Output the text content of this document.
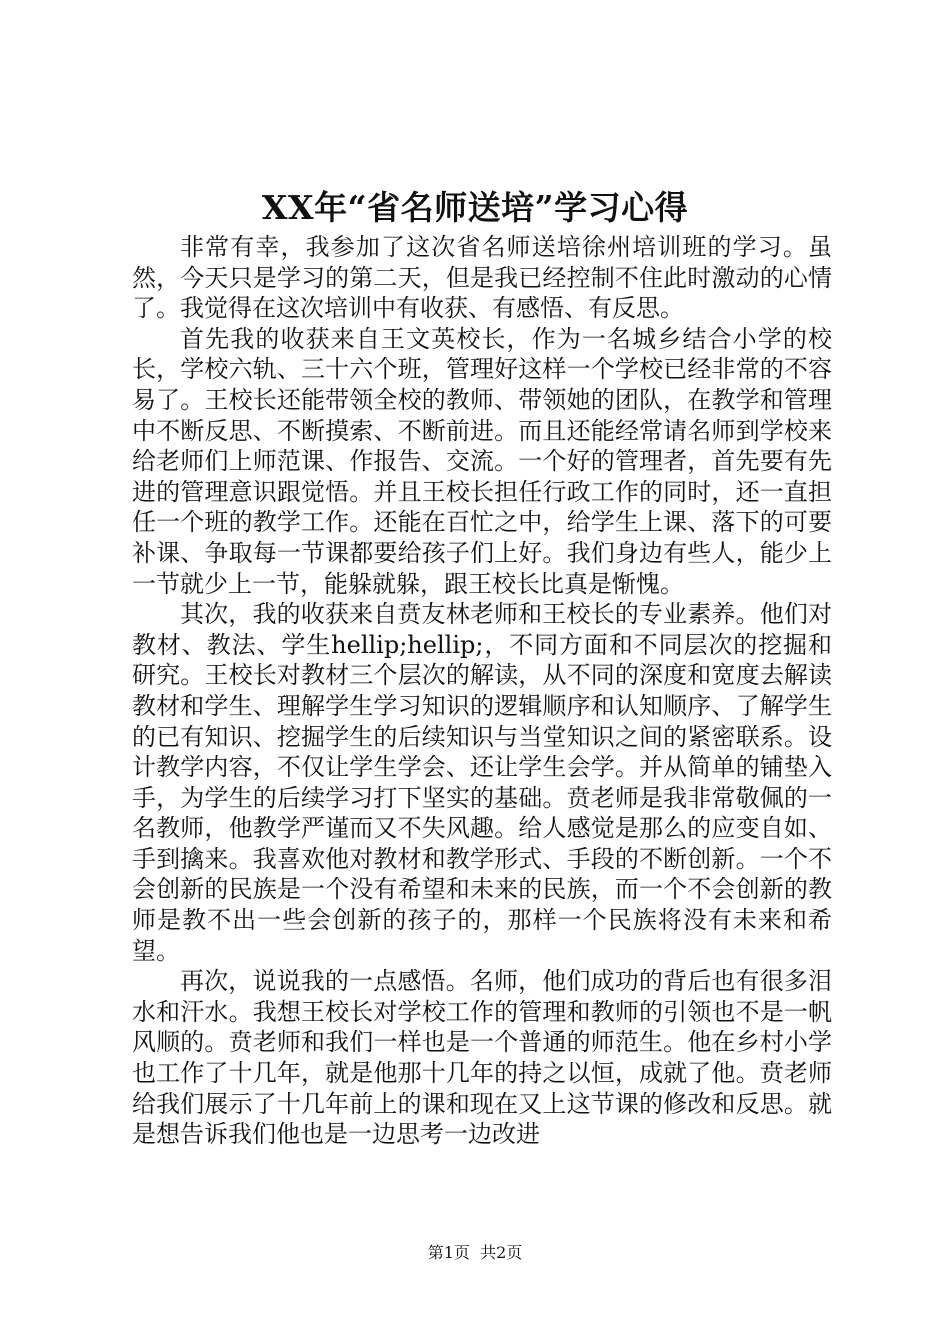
XX年“省名师送培”学习心得

非常有幸，我参加了这次省名师送培徐州培训班的学习。虽然，今天只是学习的第二天，但是我已经控制不住此时激动的心情了。我觉得在这次培训中有收获、有感悟、有反思。

首先我的收获来自王文英校长，作为一名城乡结合小学的校长，学校六轨、三十六个班，管理好这样一个学校已经非常的不容易了。王校长还能带领全校的教师、带领她的团队，在教学和管理中不断反思、不断摸索、不断前进。而且还能经常请名师到学校来给老师们上师范课、作报告、交流。一个好的管理者，首先要有先进的管理意识跟觉悟。并且王校长担任行政工作的同时，还一直担任一个班的教学工作。还能在百忙之中，给学生上课、落下的可要补课、争取每一节课都要给孩子们上好。我们身边有些人，能少上一节就少上一节，能躲就躲，跟王校长比真是惭愧。

其次，我的收获来自贲友林老师和王校长的专业素养。他们对教材、教法、学生hellip;hellip;，不同方面和不同层次的挖掘和研究。王校长对教材三个层次的解读，从不同的深度和宽度去解读教材和学生、理解学生学习知识的逻辑顺序和认知顺序、了解学生的已有知识、挖掘学生的后续知识与当堂知识之间的紧密联系。设计教学内容，不仅让学生学会、还让学生会学。并从简单的铺垫入手，为学生的后续学习打下坚实的基础。贲老师是我非常敬佩的一名教师，他教学严谨而又不失风趣。给人感觉是那么的应变自如、手到擒来。我喜欢他对教材和教学形式、手段的不断创新。一个不会创新的民族是一个没有希望和未来的民族，而一个不会创新的教师是教不出一些会创新的孩子的，那样一个民族将没有未来和希望。

再次，说说我的一点感悟。名师，他们成功的背后也有很多泪水和汗水。我想王校长对学校工作的管理和教师的引领也不是一帆风顺的。贲老师和我们一样也是一个普通的师范生。他在乡村小学也工作了十几年，就是他那十几年的持之以恒，成就了他。贲老师给我们展示了十几年前上的课和现在又上这节课的修改和反思。就是想告诉我们他也是一边思考一边改进

第1页 共2页
